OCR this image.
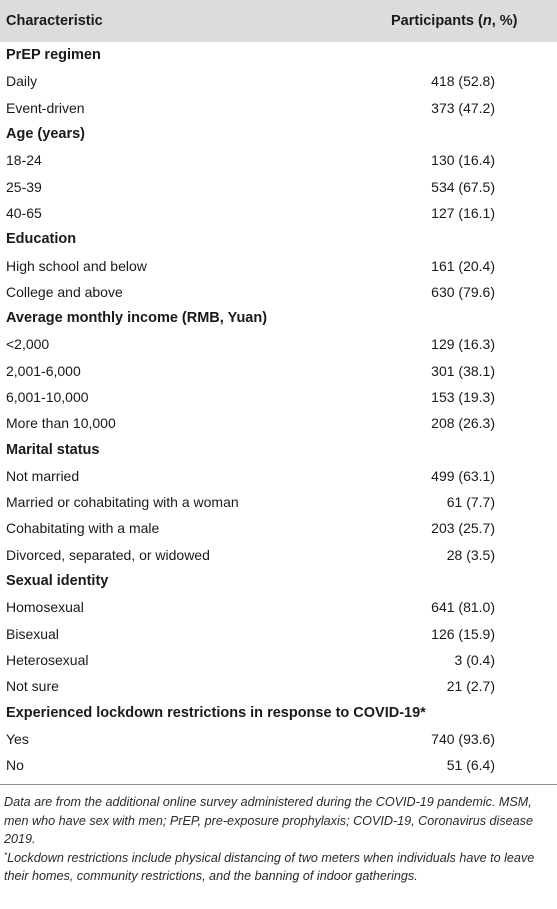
Characteristic	Participants (n, %)
PrEP regimen
Daily	418 (52.8)
Event-driven	373 (47.2)
Age (years)
18-24	130 (16.4)
25-39	534 (67.5)
40-65	127 (16.1)
Education
High school and below	161 (20.4)
College and above	630 (79.6)
Average monthly income (RMB, Yuan)
<2,000	129 (16.3)
2,001-6,000	301 (38.1)
6,001-10,000	153 (19.3)
More than 10,000	208 (26.3)
Marital status
Not married	499 (63.1)
Married or cohabitating with a woman	61 (7.7)
Cohabitating with a male	203 (25.7)
Divorced, separated, or widowed	28 (3.5)
Sexual identity
Homosexual	641 (81.0)
Bisexual	126 (15.9)
Heterosexual	3 (0.4)
Not sure	21 (2.7)
Experienced lockdown restrictions in response to COVID-19*
Yes	740 (93.6)
No	51 (6.4)

Data are from the additional online survey administered during the COVID-19 pandemic. MSM, men who have sex with men; PrEP, pre-exposure prophylaxis; COVID-19, Coronavirus disease 2019.

*Lockdown restrictions include physical distancing of two meters when individuals have to leave their homes, community restrictions, and the banning of indoor gatherings.
